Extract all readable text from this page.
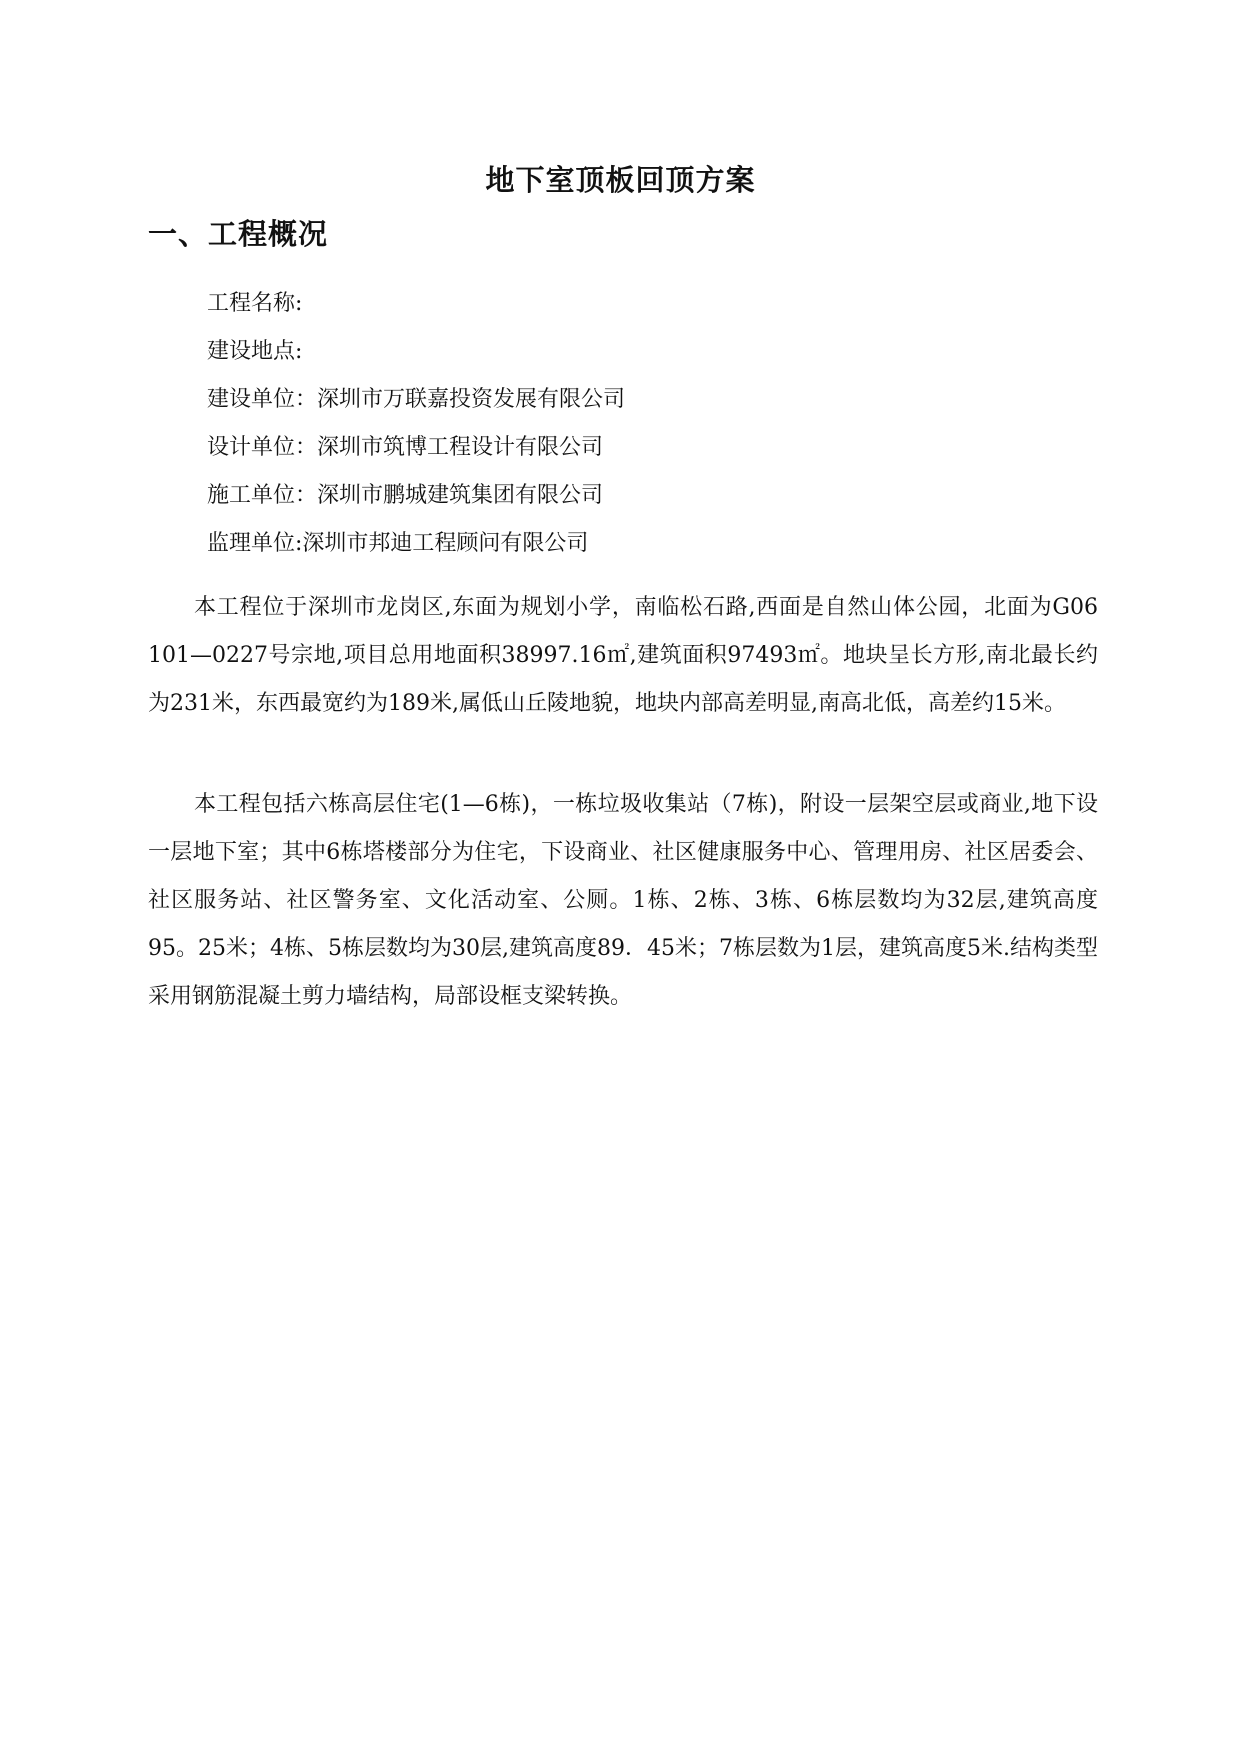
地下室顶板回顶方案
一、工程概况
工程名称:
建设地点:
建设单位：深圳市万联嘉投资发展有限公司
设计单位：深圳市筑博工程设计有限公司
施工单位：深圳市鹏城建筑集团有限公司
监理单位:深圳市邦迪工程顾问有限公司

本工程位于深圳市龙岗区,东面为规划小学，南临松石路,西面是自然山体公园，北面为G06 101—0227号宗地,项目总用地面积38997.16㎡,建筑面积97493㎡。地块呈长方形,南北最长约为231米，东西最宽约为189米,属低山丘陵地貌，地块内部高差明显,南高北低，高差约15米。

本工程包括六栋高层住宅(1—6栋)，一栋垃圾收集站（7栋)，附设一层架空层或商业,地下设一层地下室；其中6栋塔楼部分为住宅，下设商业、社区健康服务中心、管理用房、社区居委会、社区服务站、社区警务室、文化活动室、公厕。1栋、2栋、3栋、6栋层数均为32层,建筑高度95。25米；4栋、5栋层数均为30层,建筑高度89．45米；7栋层数为1层，建筑高度5米.结构类型采用钢筋混凝土剪力墙结构，局部设框支梁转换。
